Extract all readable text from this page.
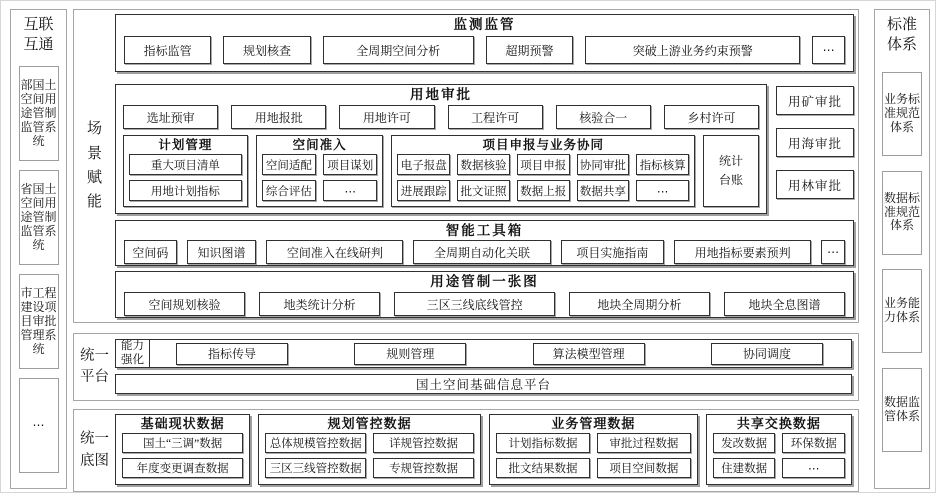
互联互通
部国土空间用途管制监管系统
省国土空间用途管制监管系统
市工程建设项目审批管理系统
⋯
场景赋能
监测监管
指标监管	规划核查	全周期空间分析	超期预警	突破上游业务约束预警	⋯
用地审批
选址预审	用地报批	用地许可	工程许可	核验合一	乡村许可
计划管理
重大项目清单
用地计划指标
空间准入
空间适配	项目谋划
综合评估	⋯
项目申报与业务协同
电子报盘 数据核验 项目申报 协同审批 指标核算
进展跟踪 批文证照 数据上报 数据共享	⋯
统计台账
用矿审批
用海审批
用林审批
智能工具箱
空间码	知识图谱	空间准入在线研判	全周期自动化关联	项目实施指南	用地指标要素预判	⋯
用途管制一张图
空间规划核验	地类统计分析	三区三线底线管控	地块全周期分析	地块全息图谱
统一平台
能力强化	指标传导	规则管理	算法模型管理	协同调度
国土空间基础信息平台
统一底图
基础现状数据
国土“三调”数据
年度变更调查数据
规划管控数据
总体规模管控数据	详规管控数据
三区三线管控数据	专规管控数据
业务管理数据
计划指标数据	审批过程数据
批文结果数据	项目空间数据
共享交换数据
发改数据	环保数据
住建数据	⋯
标准体系
业务标准规范体系
数据标准规范体系
业务能力体系
数据监管体系
